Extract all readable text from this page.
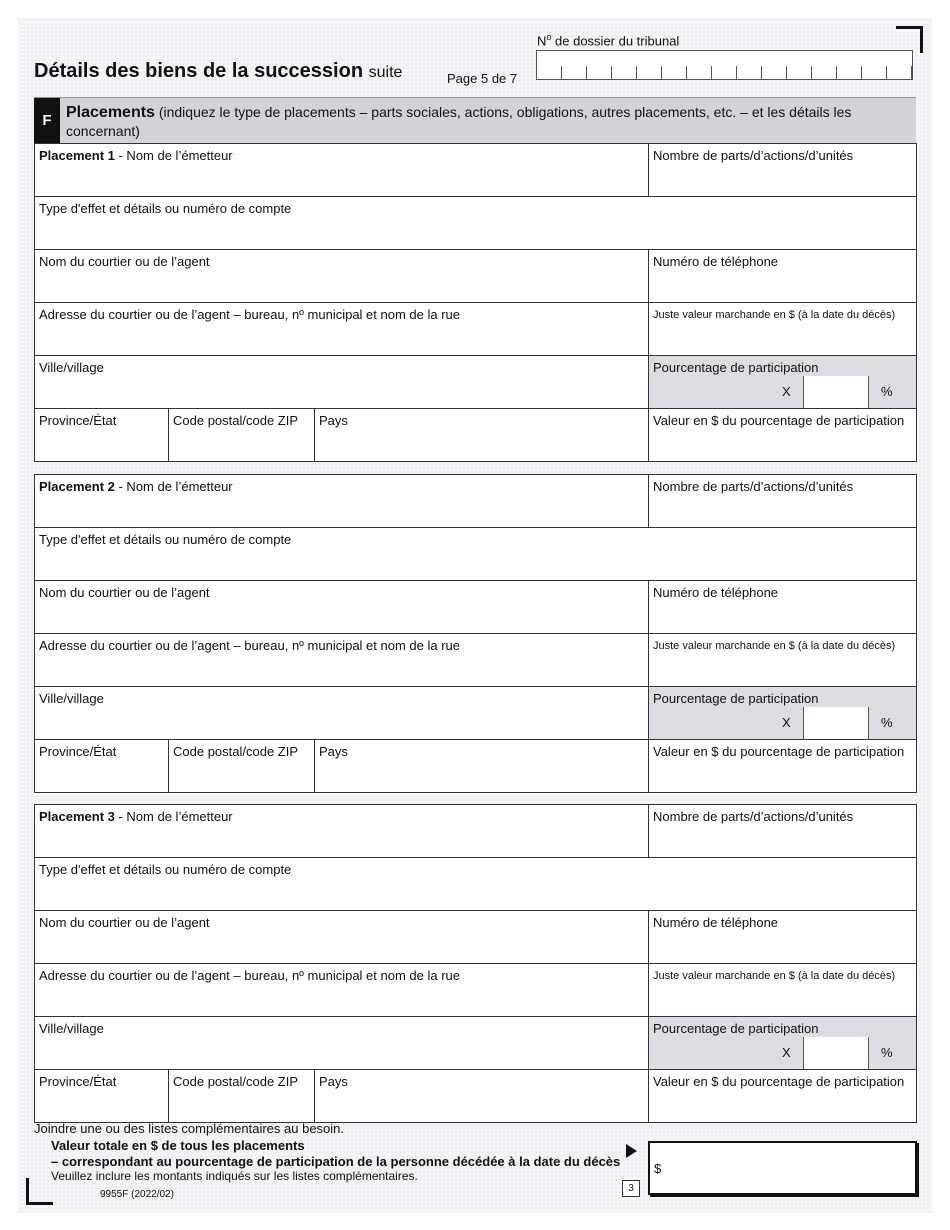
$N^o$ de dossier du tribunal
Détails des biens de la succession suite	Page 5 de 7
F Placements (indiquez le type de placements – parts sociales, actions, obligations, autres placements, etc. – et les détails les concernant)
Placement 1 - Nom de l’émetteur	Nombre de parts/d’actions/d’unités
Type d'effet et détails ou numéro de compte
Nom du courtier ou de l’agent	Numéro de téléphone
Adresse du courtier ou de l’agent – bureau, nº municipal et nom de la rue	Juste valeur marchande en $ (à la date du décès)
Ville/village	Pourcentage de participation
X	%
Province/État	Code postal/code ZIP	Pays	Valeur en $ du pourcentage de participation
Placement 2 - Nom de l’émetteur	Nombre de parts/d’actions/d’unités
Type d'effet et détails ou numéro de compte
Nom du courtier ou de l’agent	Numéro de téléphone
Adresse du courtier ou de l’agent – bureau, nº municipal et nom de la rue	Juste valeur marchande en $ (à la date du décès)
Ville/village	Pourcentage de participation
X	%
Province/État	Code postal/code ZIP	Pays	Valeur en $ du pourcentage de participation
Placement 3 - Nom de l’émetteur	Nombre de parts/d’actions/d’unités
Type d'effet et détails ou numéro de compte
Nom du courtier ou de l’agent	Numéro de téléphone
Adresse du courtier ou de l’agent – bureau, nº municipal et nom de la rue	Juste valeur marchande en $ (à la date du décès)
Ville/village	Pourcentage de participation
X	%
Province/État	Code postal/code ZIP	Pays	Valeur en $ du pourcentage de participation
Joindre une ou des listes complémentaires au besoin.
Valeur totale en $ de tous les placements
– correspondant au pourcentage de participation de la personne décédée à la date du décès
Veuillez inclure les montants indiqués sur les listes complémentaires.
3
$
9955F (2022/02)
